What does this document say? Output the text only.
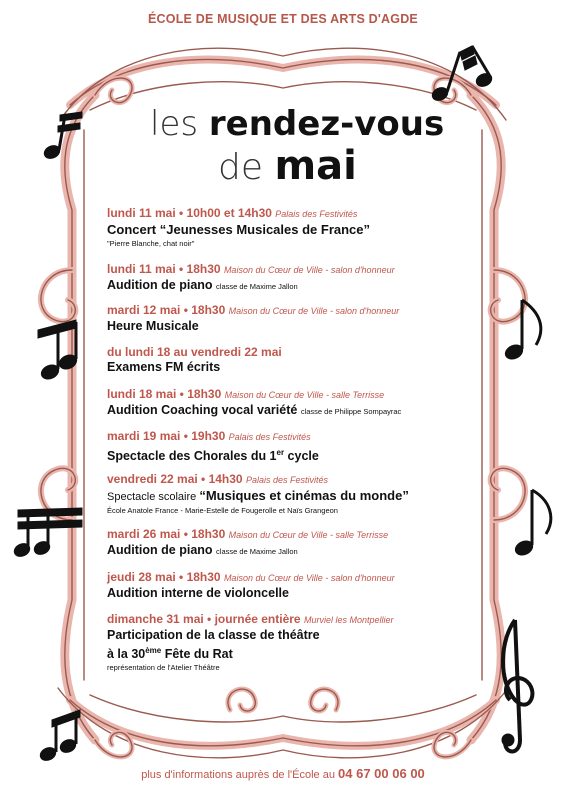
ÉCOLE DE MUSIQUE ET DES ARTS D'AGDE
les rendez-vous
de mai
lundi 11 mai • 10h00 et 14h30 Palais des Festivités
Concert “Jeunesses Musicales de France”
"Pierre Blanche, chat noir"
lundi 11 mai • 18h30 Maison du Cœur de Ville - salon d'honneur
Audition de piano classe de Maxime Jallon
mardi 12 mai • 18h30 Maison du Cœur de Ville - salon d'honneur
Heure Musicale
du lundi 18 au vendredi 22 mai
Examens FM écrits
lundi 18 mai • 18h30 Maison du Cœur de Ville - salle Terrisse
Audition Coaching vocal variété classe de Philippe Sompayrac
mardi 19 mai • 19h30 Palais des Festivités
Spectacle des Chorales du 1er cycle
vendredi 22 mai • 14h30 Palais des Festivités
Spectacle scolaire “Musiques et cinémas du monde”
École Anatole France - Marie-Estelle de Fougerolle et Naïs Grangeon
mardi 26 mai • 18h30 Maison du Cœur de Ville - salle Terrisse
Audition de piano classe de Maxime Jallon
jeudi 28 mai • 18h30 Maison du Cœur de Ville - salon d'honneur
Audition interne de violoncelle
dimanche 31 mai • journée entière Murviel les Montpellier
Participation de la classe de théâtre
à la 30ème Fête du Rat
représentation de l'Atelier Théâtre
plus d'informations auprès de l'École au 04 67 00 06 00
